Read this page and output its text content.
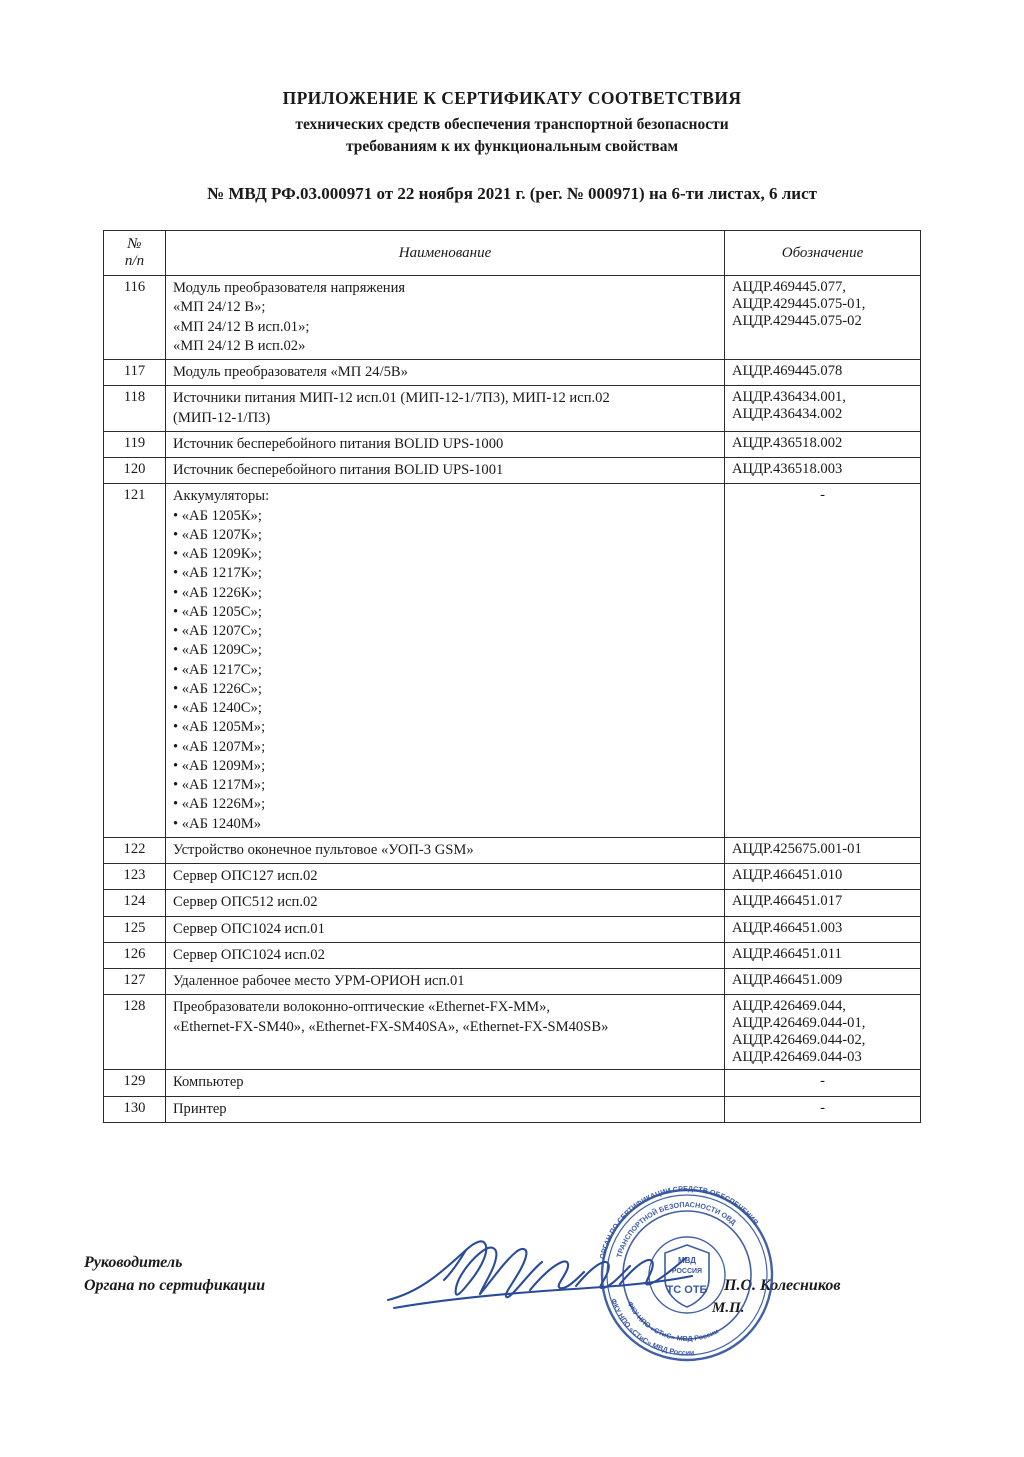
ПРИЛОЖЕНИЕ К СЕРТИФИКАТУ СООТВЕТСТВИЯ
технических средств обеспечения транспортной безопасности
требованиям к их функциональным свойствам
№ МВД РФ.03.000971 от 22 ноября 2021 г. (рег. № 000971) на 6-ти листах, 6 лист
№
п/п	Наименование	Обозначение
116	Модуль преобразователя напряжения
«МП 24/12 В»;
«МП 24/12 В исп.01»;
«МП 24/12 В исп.02»	АЦДР.469445.077,
АЦДР.429445.075-01,
АЦДР.429445.075-02
117	Модуль преобразователя «МП 24/5В»	АЦДР.469445.078
118	Источники питания МИП-12 исп.01 (МИП-12-1/7П3), МИП-12 исп.02
(МИП-12-1/П3)	АЦДР.436434.001,
АЦДР.436434.002
119	Источник бесперебойного питания BOLID UPS-1000	АЦДР.436518.002
120	Источник бесперебойного питания BOLID UPS-1001	АЦДР.436518.003
121	Аккумуляторы:
• «АБ 1205К»;
• «АБ 1207К»;
• «АБ 1209К»;
• «АБ 1217К»;
• «АБ 1226К»;
• «АБ 1205С»;
• «АБ 1207С»;
• «АБ 1209С»;
• «АБ 1217С»;
• «АБ 1226С»;
• «АБ 1240С»;
• «АБ 1205М»;
• «АБ 1207М»;
• «АБ 1209М»;
• «АБ 1217М»;
• «АБ 1226М»;
• «АБ 1240М»	-
122	Устройство оконечное пультовое «УОП-3 GSM»	АЦДР.425675.001-01
123	Сервер ОПС127 исп.02	АЦДР.466451.010
124	Сервер ОПС512 исп.02	АЦДР.466451.017
125	Сервер ОПС1024 исп.01	АЦДР.466451.003
126	Сервер ОПС1024 исп.02	АЦДР.466451.011
127	Удаленное рабочее место УРМ-ОРИОН исп.01	АЦДР.466451.009
128	Преобразователи волоконно-оптические «Ethernet-FX-MM»,
«Ethernet-FX-SM40», «Ethernet-FX-SM40SA», «Ethernet-FX-SM40SB»	АЦДР.426469.044,
АЦДР.426469.044-01,
АЦДР.426469.044-02,
АЦДР.426469.044-03
129	Компьютер	-
130	Принтер	-
Руководитель
Органа по сертификации	П.О. Колесников
М.П.
ОРГАН ПО СЕРТИФИКАЦИИ СРЕДСТВ ОБЕСПЕЧЕНИЯ
ФКУ НПО «СТиС» МВД России
ТРАНСПОРТНОЙ БЕЗОПАСНОСТИ ОВД
ФКУ НПО «СТиС» МВД России
МВД
РОССИЯ
ТС ОТБ
